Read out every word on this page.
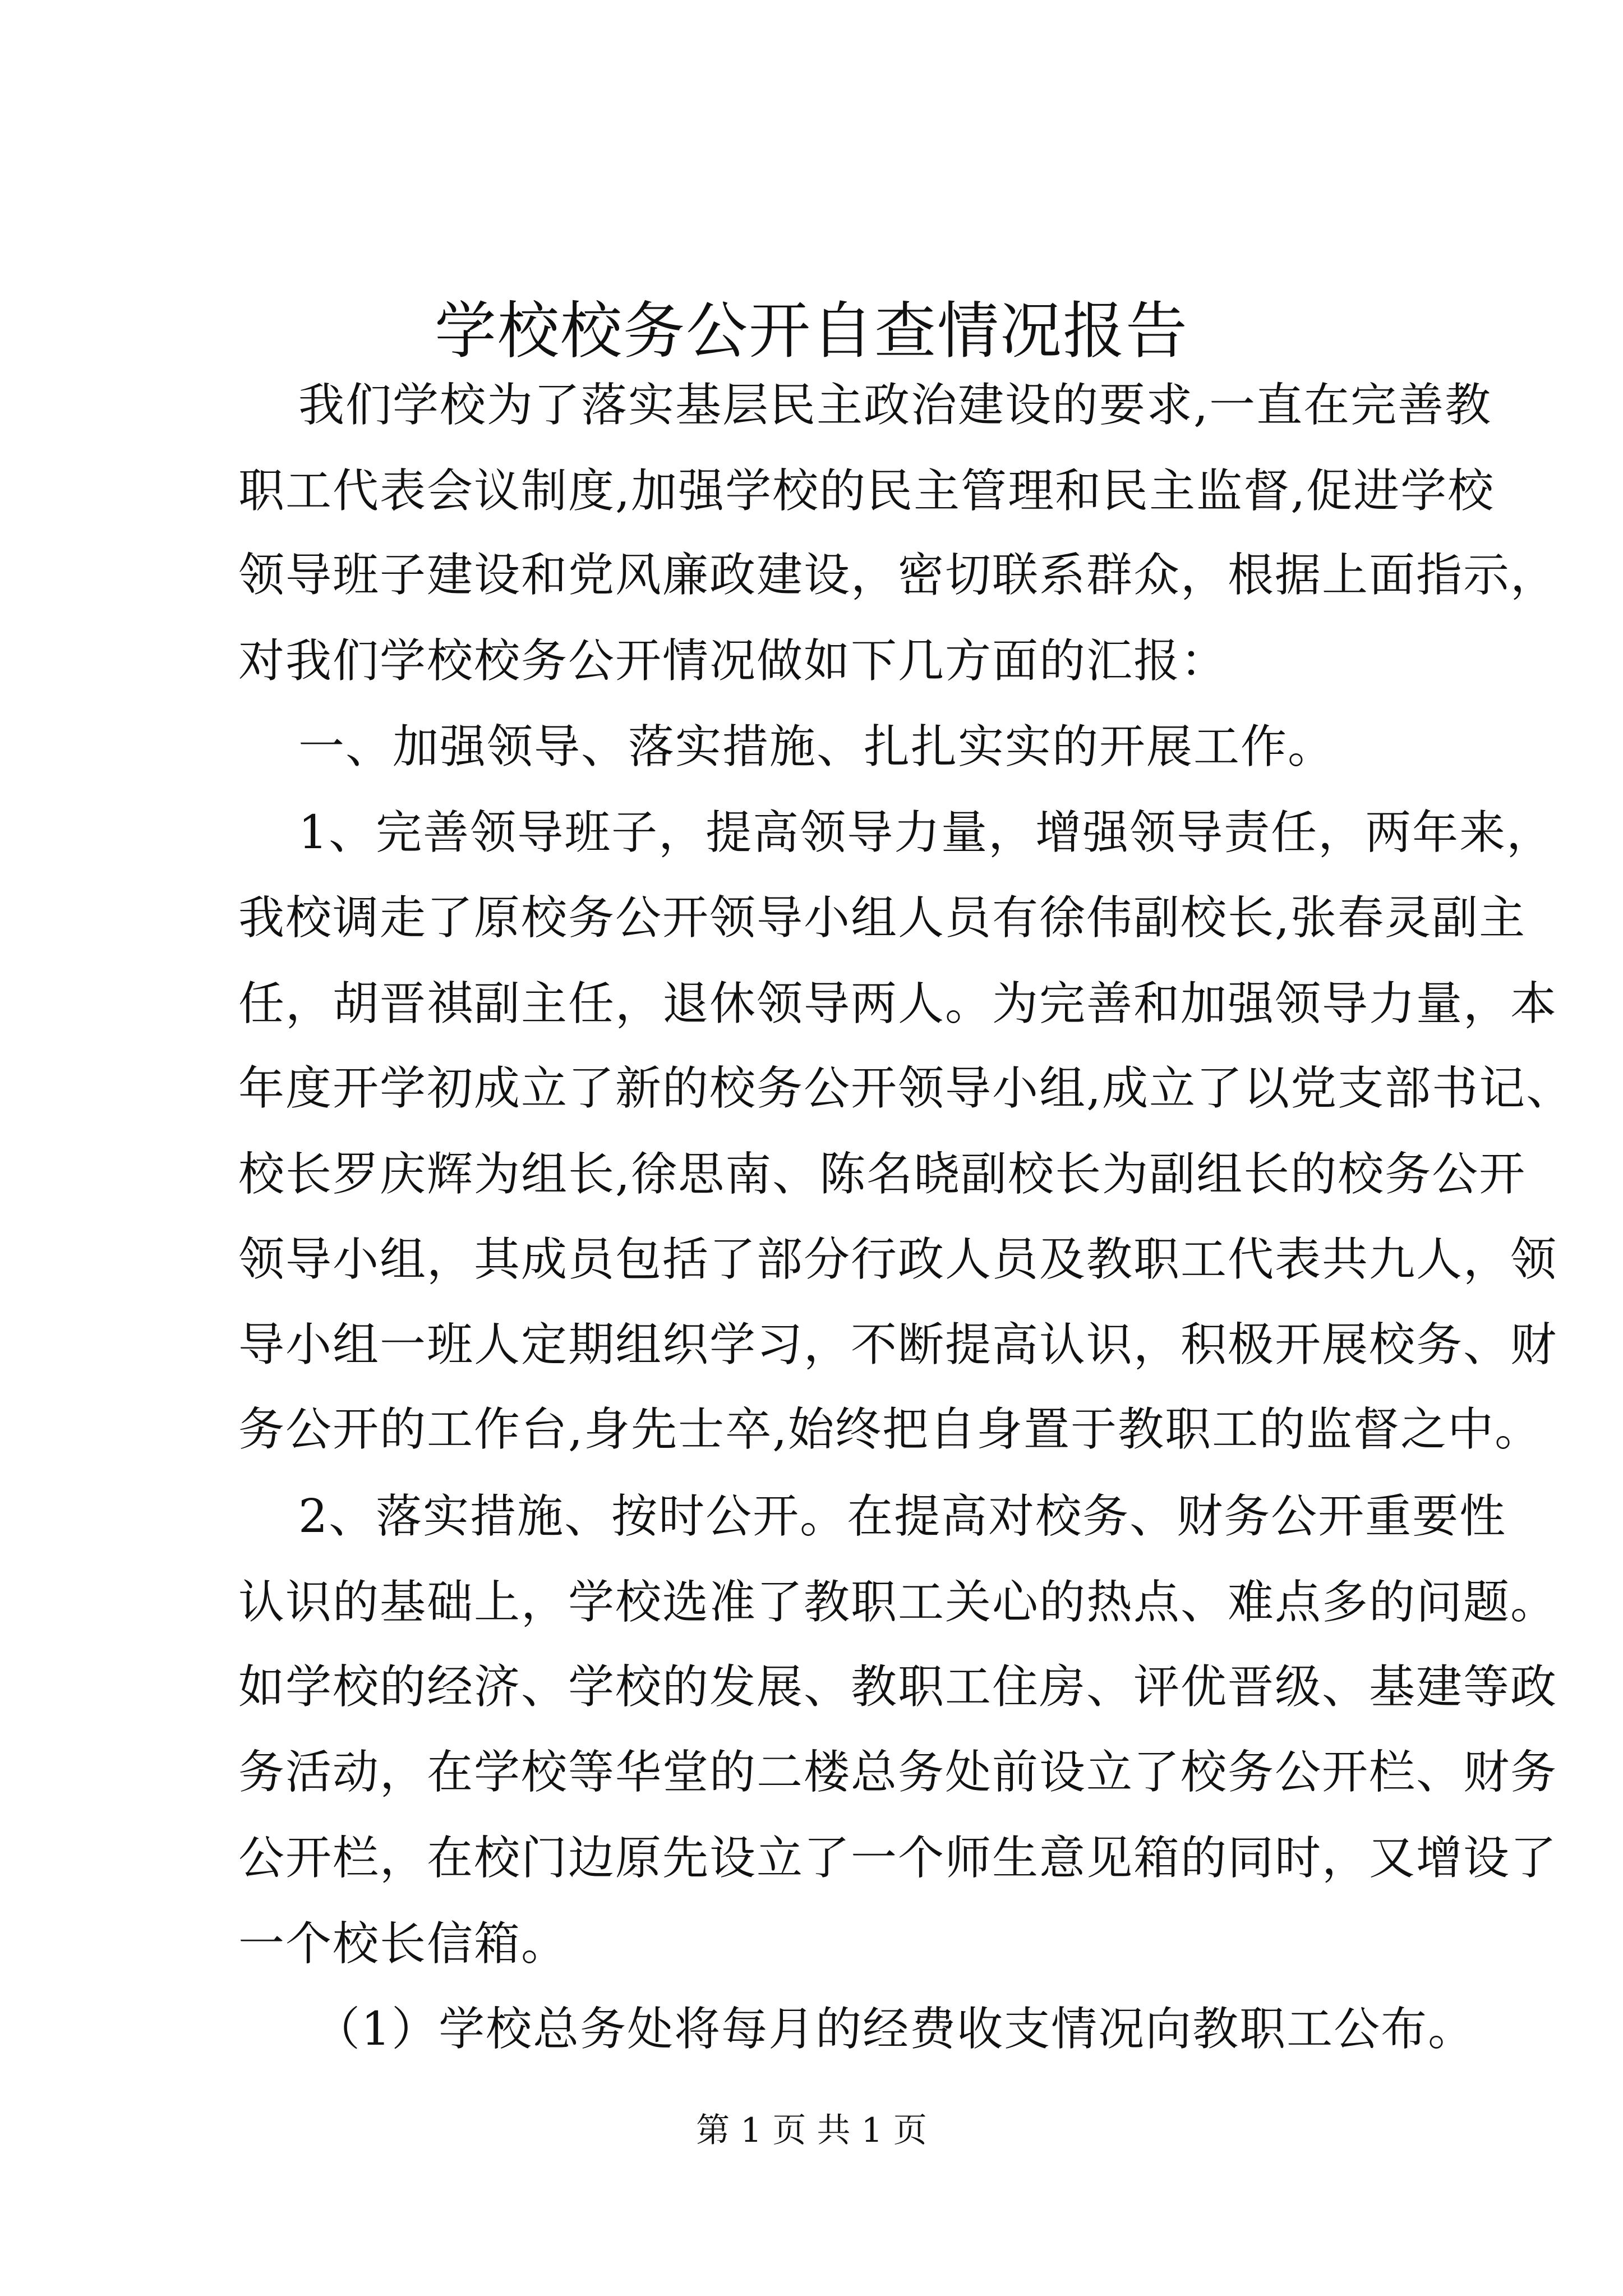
学校校务公开自查情况报告
我们学校为了落实基层民主政治建设的要求,一直在完善教
职工代表会议制度,加强学校的民主管理和民主监督,促进学校
领导班子建设和党风廉政建设，密切联系群众，根据上面指示，
对我们学校校务公开情况做如下几方面的汇报：
一、加强领导、落实措施、扎扎实实的开展工作。
1、完善领导班子，提高领导力量，增强领导责任，两年来，
我校调走了原校务公开领导小组人员有徐伟副校长,张春灵副主
任，胡晋祺副主任，退休领导两人。为完善和加强领导力量，本
年度开学初成立了新的校务公开领导小组,成立了以党支部书记、
校长罗庆辉为组长,徐思南、陈名晓副校长为副组长的校务公开
领导小组，其成员包括了部分行政人员及教职工代表共九人，领
导小组一班人定期组织学习，不断提高认识，积极开展校务、财
务公开的工作台,身先士卒,始终把自身置于教职工的监督之中。
2、落实措施、按时公开。在提高对校务、财务公开重要性
认识的基础上，学校选准了教职工关心的热点、难点多的问题。
如学校的经济、学校的发展、教职工住房、评优晋级、基建等政
务活动，在学校等华堂的二楼总务处前设立了校务公开栏、财务
公开栏，在校门边原先设立了一个师生意见箱的同时，又增设了
一个校长信箱。
（1）学校总务处将每月的经费收支情况向教职工公布。
第 1 页 共 1 页
